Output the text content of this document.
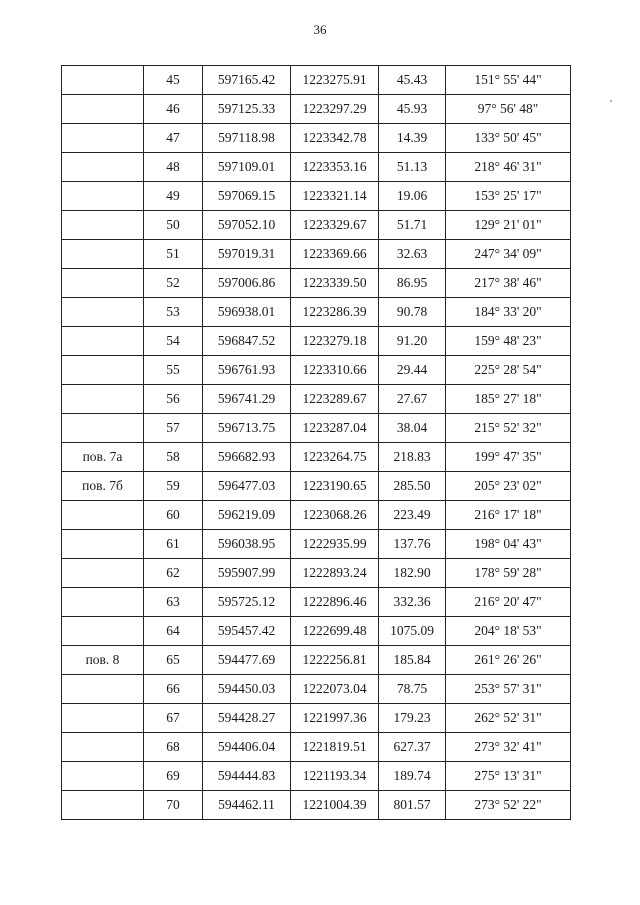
36
	45	597165.42	1223275.91	45.43	151° 55' 44"
	46	597125.33	1223297.29	45.93	97° 56' 48"
	47	597118.98	1223342.78	14.39	133° 50' 45"
	48	597109.01	1223353.16	51.13	218° 46' 31"
	49	597069.15	1223321.14	19.06	153° 25' 17"
	50	597052.10	1223329.67	51.71	129° 21' 01"
	51	597019.31	1223369.66	32.63	247° 34' 09"
	52	597006.86	1223339.50	86.95	217° 38' 46"
	53	596938.01	1223286.39	90.78	184° 33' 20"
	54	596847.52	1223279.18	91.20	159° 48' 23"
	55	596761.93	1223310.66	29.44	225° 28' 54"
	56	596741.29	1223289.67	27.67	185° 27' 18"
	57	596713.75	1223287.04	38.04	215° 52' 32"
пов. 7а	58	596682.93	1223264.75	218.83	199° 47' 35"
пов. 7б	59	596477.03	1223190.65	285.50	205° 23' 02"
	60	596219.09	1223068.26	223.49	216° 17' 18"
	61	596038.95	1222935.99	137.76	198° 04' 43"
	62	595907.99	1222893.24	182.90	178° 59' 28"
	63	595725.12	1222896.46	332.36	216° 20' 47"
	64	595457.42	1222699.48	1075.09	204° 18' 53"
пов. 8	65	594477.69	1222256.81	185.84	261° 26' 26"
	66	594450.03	1222073.04	78.75	253° 57' 31"
	67	594428.27	1221997.36	179.23	262° 52' 31"
	68	594406.04	1221819.51	627.37	273° 32' 41"
	69	594444.83	1221193.34	189.74	275° 13' 31"
	70	594462.11	1221004.39	801.57	273° 52' 22"
